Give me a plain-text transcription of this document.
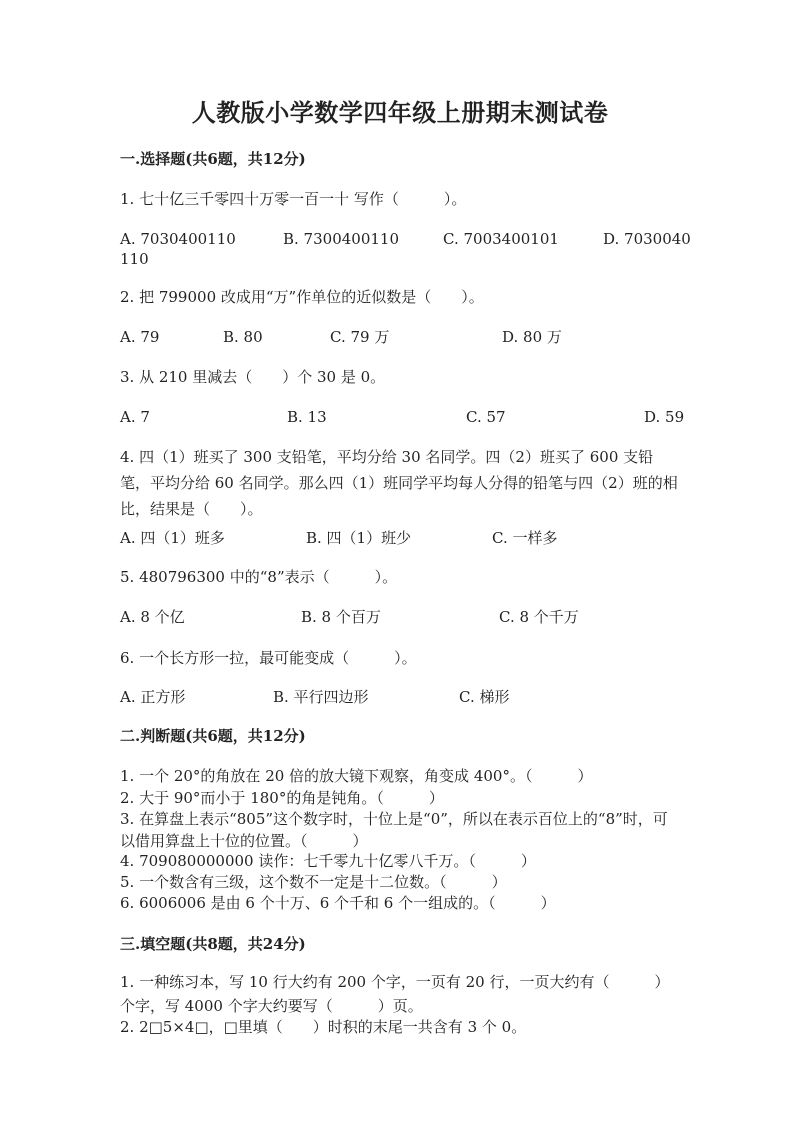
人教版小学数学四年级上册期末测试卷
一.选择题(共6题，共12分)
1. 七十亿三千零四十万零一百一十 写作（　　　）。
A. 7030400110	B. 7300400110	C. 7003400101	D. 7030040
110
2. 把 799000 改成用“万”作单位的近似数是（　　）。
A. 79	B. 80	C. 79 万	D. 80 万
3. 从 210 里减去（　　）个 30 是 0。
A. 7	B. 13	C. 57	D. 59
4. 四（1）班买了 300 支铅笔，平均分给 30 名同学。四（2）班买了 600 支铅笔，平均分给 60 名同学。那么四（1）班同学平均每人分得的铅笔与四（2）班的相比，结果是（　　）。
A. 四（1）班多	B. 四（1）班少	C. 一样多
5. 480796300 中的“8”表示（　　　）。
A. 8 个亿	B. 8 个百万	C. 8 个千万
6. 一个长方形一拉，最可能变成（　　　）。
A. 正方形	B. 平行四边形	C. 梯形
二.判断题(共6题，共12分)
1. 一个 20°的角放在 20 倍的放大镜下观察，角变成 400°。（　　　）
2. 大于 90°而小于 180°的角是钝角。（　　　）
3. 在算盘上表示“805”这个数字时，十位上是“0”，所以在表示百位上的“8”时，可以借用算盘上十位的位置。（　　　）
4. 709080000000 读作：七千零九十亿零八千万。（　　　）
5. 一个数含有三级，这个数不一定是十二位数。（　　　）
6. 6006006 是由 6 个十万、6 个千和 6 个一组成的。（　　　）
三.填空题(共8题，共24分)
1. 一种练习本，写 10 行大约有 200 个字，一页有 20 行，一页大约有（　　　）个字，写 4000 个字大约要写（　　　）页。
2. 2□5×4□，□里填（　　）时积的末尾一共含有 3 个 0。
